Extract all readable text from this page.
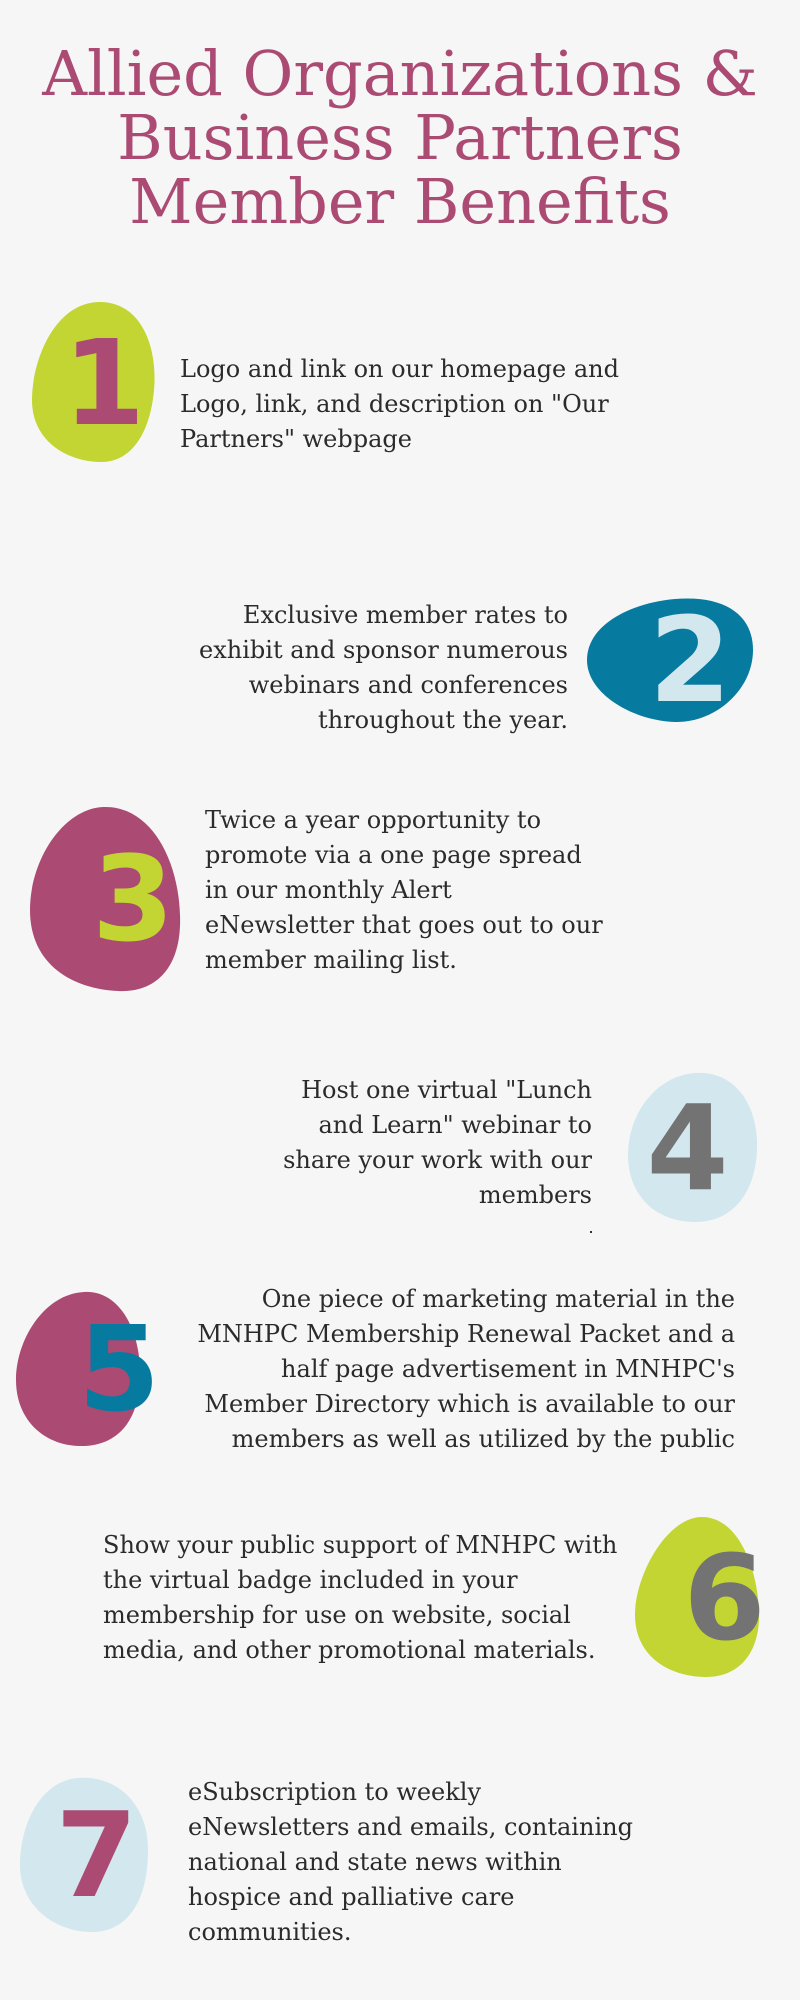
Allied Organizations &
Business Partners
Member Benefits
1	Logo and link on our homepage and Logo, link, and description on "Our Partners" webpage
2
Exclusive member rates to exhibit and sponsor numerous webinars and conferences throughout the year.
3
Twice a year opportunity to promote via a one page spread in our monthly Alert eNewsletter that goes out to our member mailing list.
4
Host one virtual "Lunch and Learn" webinar to share your work with our members
5
One piece of marketing material in the MNHPC Membership Renewal Packet and a half page advertisement in MNHPC's Member Directory which is available to our members as well as utilized by the public
6
Show your public support of MNHPC with the virtual badge included in your membership for use on website, social media, and other promotional materials.
7	eSubscription to weekly eNewsletters and emails, containing national and state news within hospice and palliative care communities.
